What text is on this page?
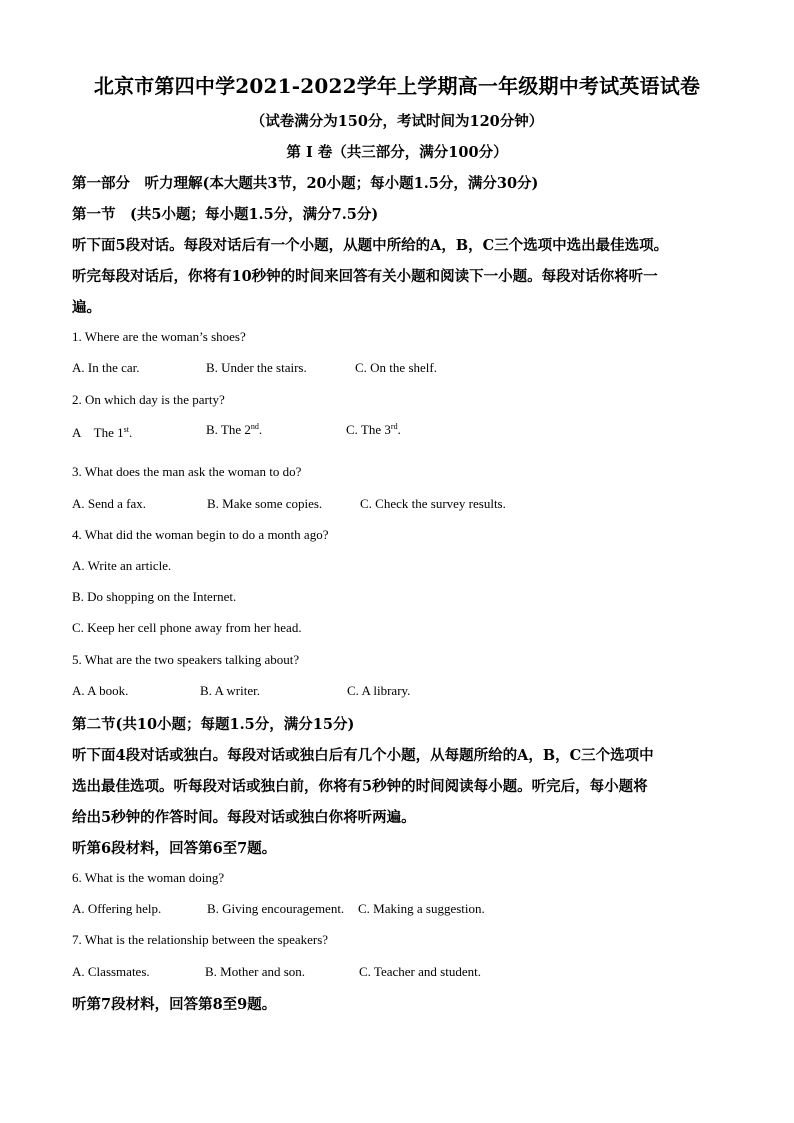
北京市第四中学2021-2022学年上学期高一年级期中考试英语试卷
（试卷满分为150分，考试时间为120分钟）
第 I 卷（共三部分，满分100分）
第一部分　听力理解(本大题共3节，20小题；每小题1.5分，满分30分)
第一节　(共5小题；每小题1.5分，满分7.5分)
听下面5段对话。每段对话后有一个小题，从题中所给的A，B，C三个选项中选出最佳选项。
听完每段对话后，你将有10秒钟的时间来回答有关小题和阅读下一小题。每段对话你将听一
遍。
1. Where are the woman’s shoes?
A. In the car.	B. Under the stairs.	C. On the shelf.
2. On which day is the party?
A　The 1st.	B. The 2nd.	C. The 3rd.
3. What does the man ask the woman to do?
A. Send a fax.	B. Make some copies.	C. Check the survey results.
4. What did the woman begin to do a month ago?
A. Write an article.
B. Do shopping on the Internet.
C. Keep her cell phone away from her head.
5. What are the two speakers talking about?
A. A book.	B. A writer.	C. A library.
第二节(共10小题；每题1.5分，满分15分)
听下面4段对话或独白。每段对话或独白后有几个小题，从每题所给的A，B，C三个选项中
选出最佳选项。听每段对话或独白前，你将有5秒钟的时间阅读每小题。听完后，每小题将
给出5秒钟的作答时间。每段对话或独白你将听两遍。
听第6段材料，回答第6至7题。
6. What is the woman doing?
A. Offering help.	B. Giving encouragement. C. Making a suggestion.
7. What is the relationship between the speakers?
A. Classmates.	B. Mother and son.	C. Teacher and student.
听第7段材料，回答第8至9题。
